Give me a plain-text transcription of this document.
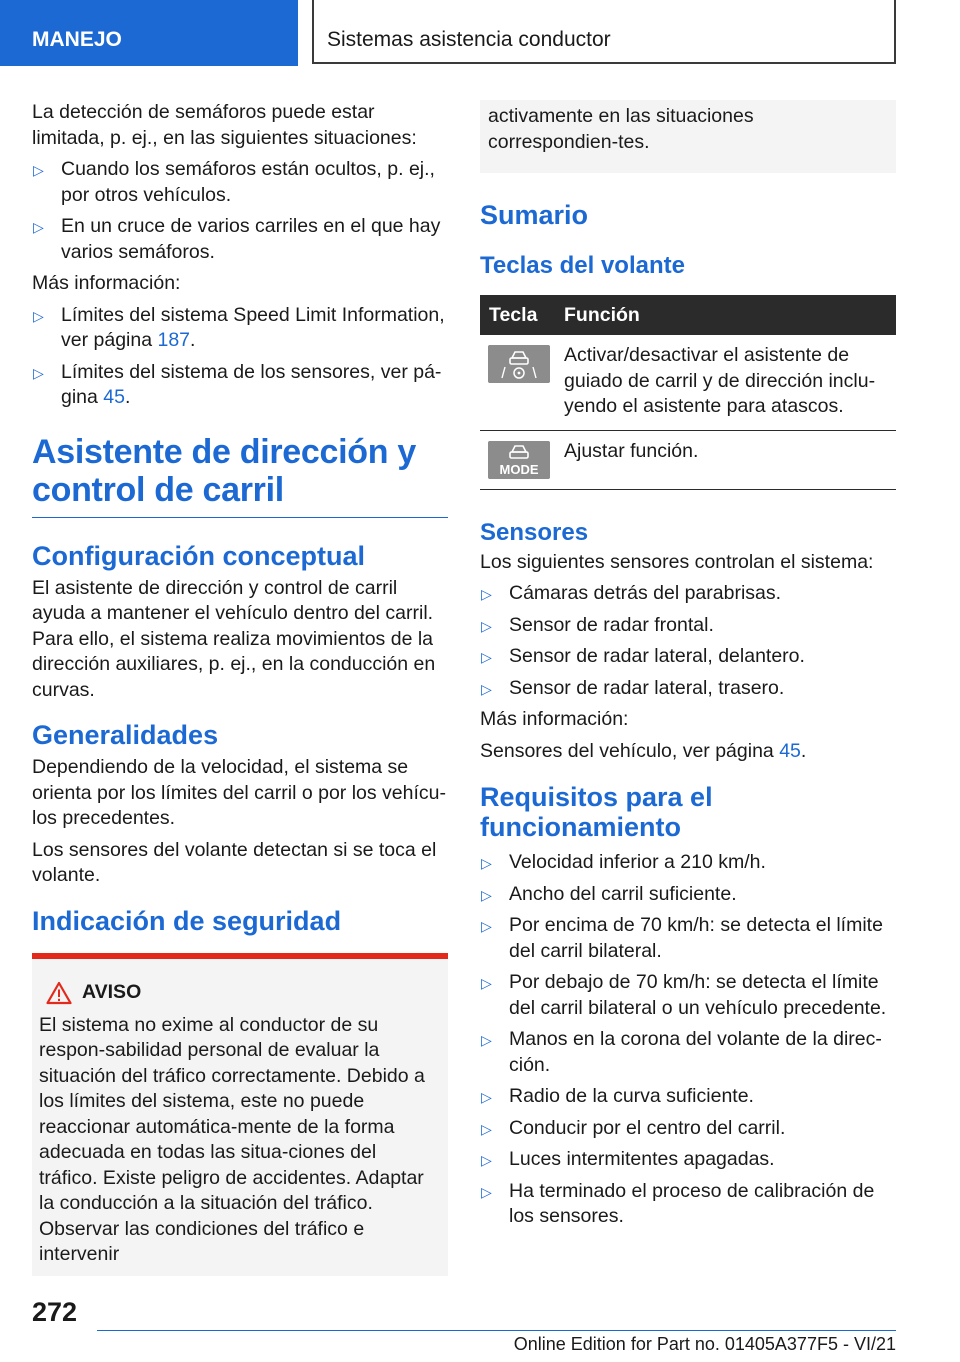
MANEJO	Sistemas asistencia conductor

La detección de semáforos puede estar limitada, p. ej., en las siguientes situaciones:

▷ Cuando los semáforos están ocultos, p. ej., por otros vehículos.
▷ En un cruce de varios carriles en el que hay varios semáforos.

Más información:

▷ Límites del sistema Speed Limit Information, ver página 187.
▷ Límites del sistema de los sensores, ver pá-gina 45.
Asistente de dirección y control de carril
Configuración conceptual

El asistente de dirección y control de carril ayuda a mantener el vehículo dentro del carril. Para ello, el sistema realiza movimientos de la dirección auxiliares, p. ej., en la conducción en curvas.

Generalidades

Dependiendo de la velocidad, el sistema se orienta por los límites del carril o por los vehícu-los precedentes.

Los sensores del volante detectan si se toca el volante.

Indicación de seguridad
AVISO

El sistema no exime al conductor de su respon-sabilidad personal de evaluar la situación del tráfico correctamente. Debido a los límites del sistema, este no puede reaccionar automática-mente de la forma adecuada en todas las situa-ciones del tráfico. Existe peligro de accidentes. Adaptar la conducción a la situación del tráfico. Observar las condiciones del tráfico e intervenir

activamente en las situaciones correspondien-tes.

Sumario
Teclas del volante
Tecla	Función

	Activar/desactivar el asistente de guiado de carril y de dirección inclu-yendo el asistente para atascos.

MODE	Ajustar función.
Sensores

Los siguientes sensores controlan el sistema:

▷ Cámaras detrás del parabrisas.
▷ Sensor de radar frontal.
▷ Sensor de radar lateral, delantero.
▷ Sensor de radar lateral, trasero.

Más información:

Sensores del vehículo, ver página 45.

Requisitos para el funcionamiento
▷ Velocidad inferior a 210 km/h.
▷ Ancho del carril suficiente.
▷ Por encima de 70 km/h: se detecta el límite del carril bilateral.
▷ Por debajo de 70 km/h: se detecta el límite del carril bilateral o un vehículo precedente.
▷ Manos en la corona del volante de la direc-ción.
▷ Radio de la curva suficiente.
▷ Conducir por el centro del carril.
▷ Luces intermitentes apagadas.
▷ Ha terminado el proceso de calibración de los sensores.
272
Online Edition for Part no. 01405A377F5 - VI/21
